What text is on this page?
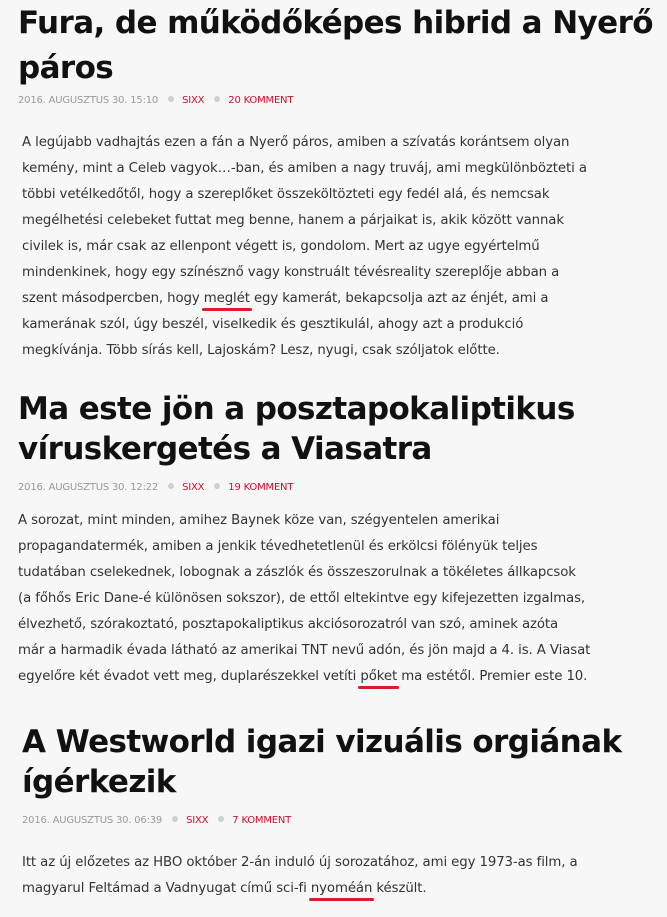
Fura, de működőképes hibrid a Nyerő
páros
2016. AUGUSZTUS 30. 15:10 SIXX 20 KOMMENT

A legújabb vadhajtás ezen a fán a Nyerő páros, amiben a szívatás korántsem olyan
kemény, mint a Celeb vagyok…-ban, és amiben a nagy truváj, ami megkülönbözteti a
többi vetélkedőtől, hogy a szereplőket összeköltözteti egy fedél alá, és nemcsak
megélhetési celebeket futtat meg benne, hanem a párjaikat is, akik között vannak
civilek is, már csak az ellenpont végett is, gondolom. Mert az ugye egyértelmű
mindenkinek, hogy egy színésznő vagy konstruált tévésreality szereplője abban a
szent másodpercben, hogy meglét egy kamerát, bekapcsolja azt az énjét, ami a
kamerának szól, úgy beszél, viselkedik és gesztikulál, ahogy azt a produkció
megkívánja. Több sírás kell, Lajoskám? Lesz, nyugi, csak szóljatok előtte.

Ma este jön a posztapokaliptikus
víruskergetés a Viasatra
2016. AUGUSZTUS 30. 12:22 SIXX 19 KOMMENT

A sorozat, mint minden, amihez Baynek köze van, szégyentelen amerikai
propagandatermék, amiben a jenkik tévedhetetlenül és erkölcsi fölényük teljes
tudatában cselekednek, lobognak a zászlók és összeszorulnak a tökéletes állkapcsok
(a főhős Eric Dane-é különösen sokszor), de ettől eltekintve egy kifejezetten izgalmas,
élvezhető, szórakoztató, posztapokaliptikus akciósorozatról van szó, aminek azóta
már a harmadik évada látható az amerikai TNT nevű adón, és jön majd a 4. is. A Viasat
egyelőre két évadot vett meg, duplarészekkel vetíti pőket ma estétől. Premier este 10.

A Westworld igazi vizuális orgiának
ígérkezik
2016. AUGUSZTUS 30. 06:39 SIXX 7 KOMMENT

Itt az új előzetes az HBO október 2-án induló új sorozatához, ami egy 1973-as film, a
magyarul Feltámad a Vadnyugat című sci-fi nyoméán készült.
